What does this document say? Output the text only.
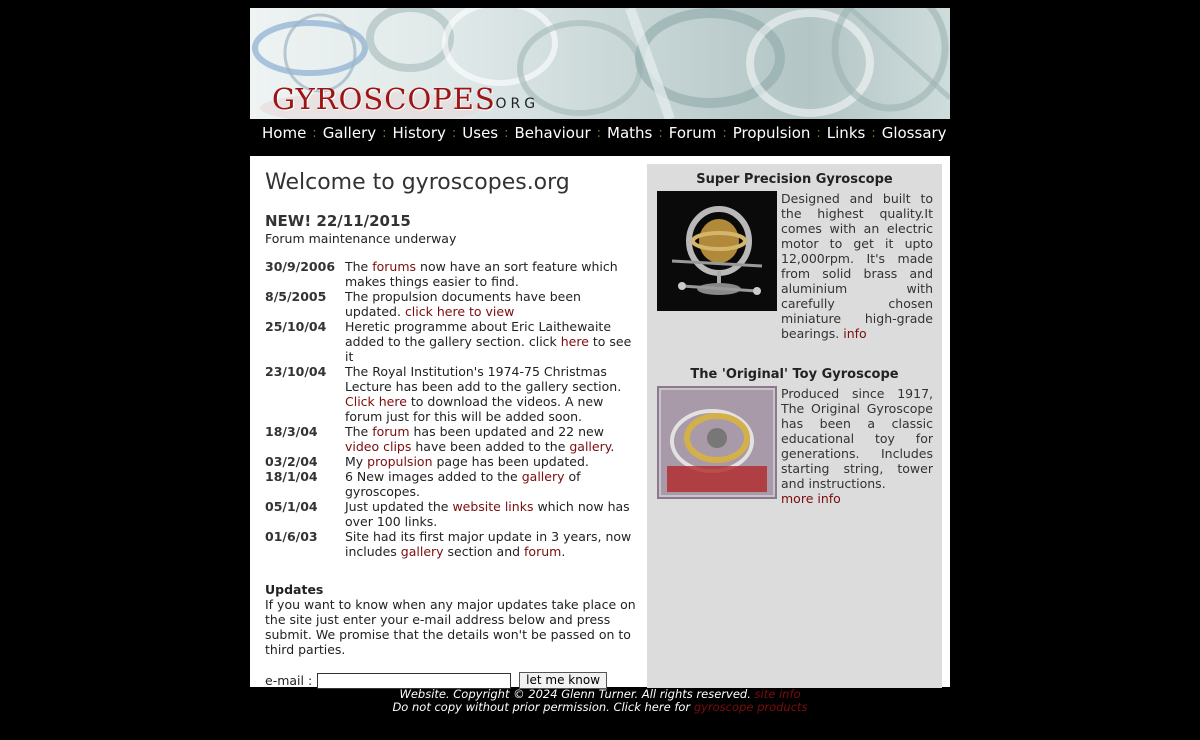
GYROSCOPES
.ORG
Home : Gallery : History : Uses : Behaviour : Maths : Forum : Propulsion : Links : Glossary
Welcome to gyroscopes.org
NEW! 22/11/2015
Forum maintenance underway
30/9/2006	The forums now have an sort feature which makes things easier to find.
8/5/2005	The propulsion documents have been updated. click here to view
25/10/04	Heretic programme about Eric Laithewaite added to the gallery section. click here to see it
23/10/04	The Royal Institution's 1974-75 Christmas Lecture has been add to the gallery section. Click here to download the videos. A new forum just for this will be added soon.
18/3/04	The forum has been updated and 22 new video clips have been added to the gallery.
03/2/04	My propulsion page has been updated.
18/1/04	6 New images added to the gallery of gyroscopes.
05/1/04	Just updated the website links which now has over 100 links.
01/6/03	Site had its first major update in 3 years, now includes gallery section and forum.
Updates
If you want to know when any major updates take place on the site just enter your e-mail address below and press submit. We promise that the details won't be passed on to third parties.
e-mail :	let me know
Super Precision Gyroscope
Designed and built to the highest quality.It comes with an electric motor to get it upto 12,000rpm. It's made from solid brass and aluminium with carefully chosen miniature high-grade bearings. info
The 'Original' Toy Gyroscope
Produced since 1917, The Original Gyroscope has been a classic educational toy for generations. Includes starting string, tower and instructions.
more info
Website. Copyright © 2024 Glenn Turner. All rights reserved. site info
Do not copy without prior permission. Click here for gyroscope products
